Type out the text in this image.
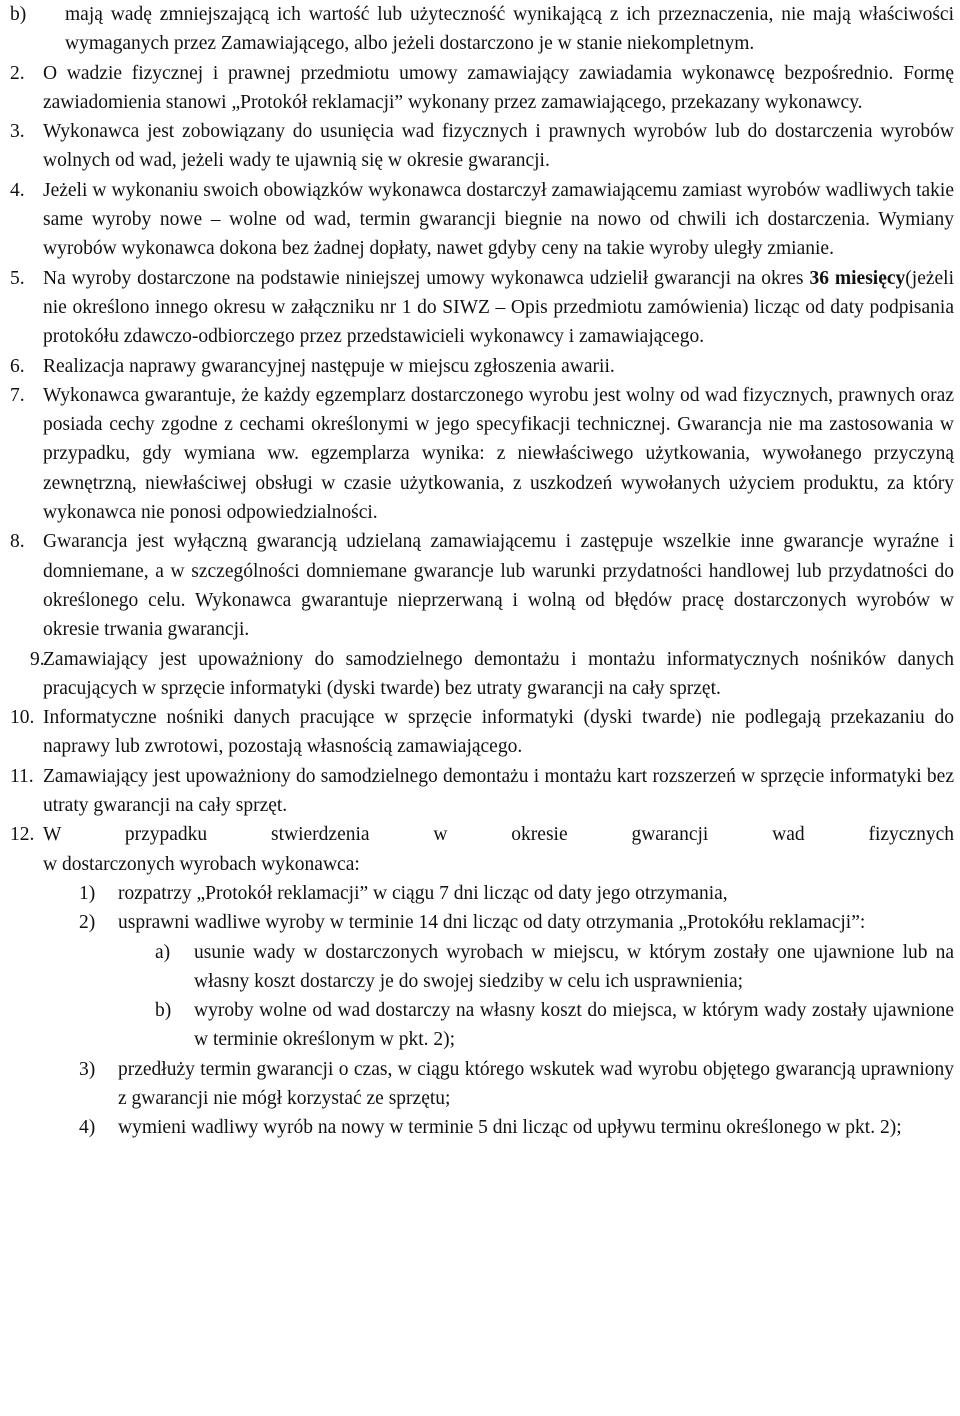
b) mają wadę zmniejszającą ich wartość lub użyteczność wynikającą z ich przeznaczenia, nie mają właściwości wymaganych przez Zamawiającego, albo jeżeli dostarczono je w stanie niekompletnym.
2. O wadzie fizycznej i prawnej przedmiotu umowy zamawiający zawiadamia wykonawcę bezpośrednio. Formę zawiadomienia stanowi „Protokół reklamacji” wykonany przez zamawiającego, przekazany wykonawcy.
3. Wykonawca jest zobowiązany do usunięcia wad fizycznych i prawnych wyrobów lub do dostarczenia wyrobów wolnych od wad, jeżeli wady te ujawnią się w okresie gwarancji.
4. Jeżeli w wykonaniu swoich obowiązków wykonawca dostarczył zamawiającemu zamiast wyrobów wadliwych takie same wyroby nowe – wolne od wad, termin gwarancji biegnie na nowo od chwili ich dostarczenia. Wymiany wyrobów wykonawca dokona bez żadnej dopłaty, nawet gdyby ceny na takie wyroby uległy zmianie.
5. Na wyroby dostarczone na podstawie niniejszej umowy wykonawca udzielił gwarancji na okres 36 miesięcy(jeżeli nie określono innego okresu w załączniku nr 1 do SIWZ – Opis przedmiotu zamówienia) licząc od daty podpisania protokółu zdawczo-odbiorczego przez przedstawicieli wykonawcy i zamawiającego.
6. Realizacja naprawy gwarancyjnej następuje w miejscu zgłoszenia awarii.
7. Wykonawca gwarantuje, że każdy egzemplarz dostarczonego wyrobu jest wolny od wad fizycznych, prawnych oraz posiada cechy zgodne z cechami określonymi w jego specyfikacji technicznej. Gwarancja nie ma zastosowania w przypadku, gdy wymiana ww. egzemplarza wynika: z niewłaściwego użytkowania, wywołanego przyczyną zewnętrzną, niewłaściwej obsługi w czasie użytkowania, z uszkodzeń wywołanych użyciem produktu, za który wykonawca nie ponosi odpowiedzialności.
8. Gwarancja jest wyłączną gwarancją udzielaną zamawiającemu i zastępuje wszelkie inne gwarancje wyraźne i domniemane, a w szczególności domniemane gwarancje lub warunki przydatności handlowej lub przydatności do określonego celu. Wykonawca gwarantuje nieprzerwaną i wolną od błędów pracę dostarczonych wyrobów w okresie trwania gwarancji.
9.
Zamawiający jest upoważniony do samodzielnego demontażu i montażu informatycznych nośników danych pracujących w sprzęcie informatyki (dyski twarde) bez utraty gwarancji na cały sprzęt.
10. Informatyczne nośniki danych pracujące w sprzęcie informatyki (dyski twarde) nie podlegają przekazaniu do naprawy lub zwrotowi, pozostają własnością zamawiającego.
11. Zamawiający jest upoważniony do samodzielnego demontażu i montażu kart rozszerzeń w sprzęcie informatyki bez utraty gwarancji na cały sprzęt.
12. W przypadku stwierdzenia w okresie gwarancji wad fizycznych
w dostarczonych wyrobach wykonawca:
1) rozpatrzy „Protokół reklamacji” w ciągu 7 dni licząc od daty jego otrzymania,
2) usprawni wadliwe wyroby w terminie 14 dni licząc od daty otrzymania „Protokółu reklamacji”:
a) usunie wady w dostarczonych wyrobach w miejscu, w którym zostały one ujawnione lub na własny koszt dostarczy je do swojej siedziby w celu ich usprawnienia;
b) wyroby wolne od wad dostarczy na własny koszt do miejsca, w którym wady zostały ujawnione w terminie określonym w pkt. 2);
3) przedłuży termin gwarancji o czas, w ciągu którego wskutek wad wyrobu objętego gwarancją uprawniony z gwarancji nie mógł korzystać ze sprzętu;
4) wymieni wadliwy wyrób na nowy w terminie 5 dni licząc od upływu terminu określonego w pkt. 2);
